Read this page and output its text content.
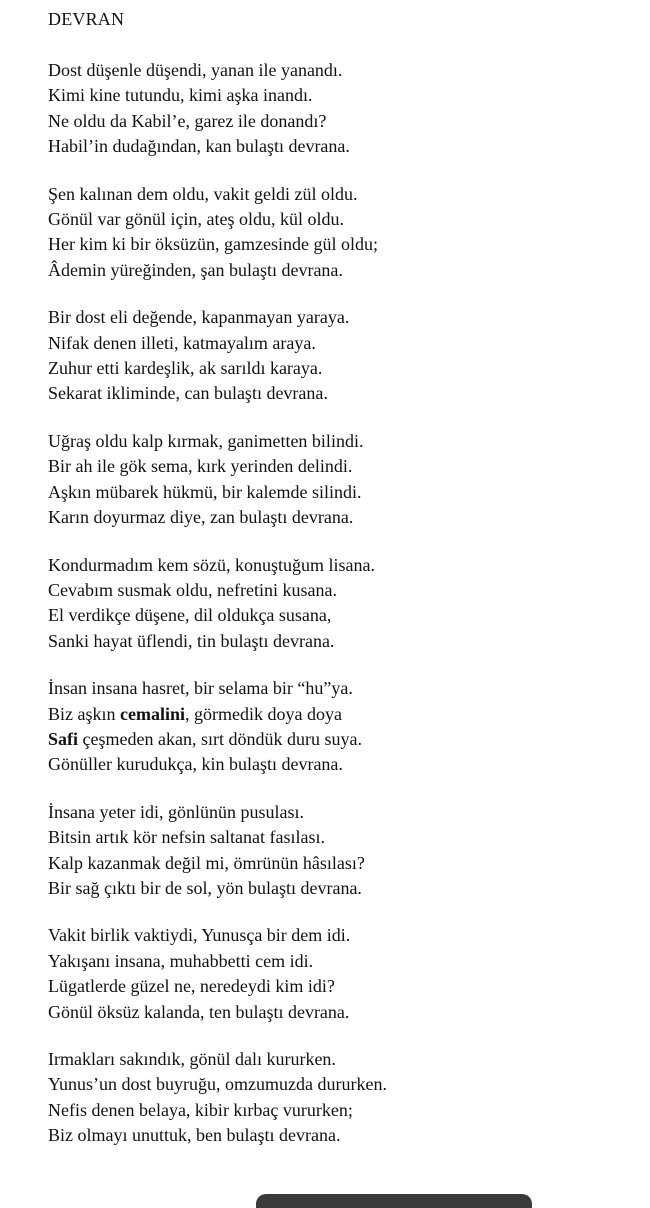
DEVRAN
Dost düşenle düşendi, yanan ile yanandı.
Kimi kine tutundu, kimi aşka inandı.
Ne oldu da Kabil’e, garez ile donandı?
Habil’in dudağından, kan bulaştı devrana.
Şen kalınan dem oldu, vakit geldi zül oldu.
Gönül var gönül için, ateş oldu, kül oldu.
Her kim ki bir öksüzün, gamzesinde gül oldu;
Âdemin yüreğinden, şan bulaştı devrana.
Bir dost eli değende, kapanmayan yaraya.
Nifak denen illeti, katmayalım araya.
Zuhur etti kardeşlik, ak sarıldı karaya.
Sekarat ikliminde, can bulaştı devrana.
Uğraş oldu kalp kırmak, ganimetten bilindi.
Bir ah ile gök sema, kırk yerinden delindi.
Aşkın mübarek hükmü, bir kalemde silindi.
Karın doyurmaz diye, zan bulaştı devrana.
Kondurmadım kem sözü, konuştuğum lisana.
Cevabım susmak oldu, nefretini kusana.
El verdikçe düşene, dil oldukça susana,
Sanki hayat üflendi, tin bulaştı devrana.
İnsan insana hasret, bir selama bir “hu”ya.
Biz aşkın cemalini, görmedik doya doya
Safi çeşmeden akan, sırt döndük duru suya.
Gönüller kurudukça, kin bulaştı devrana.
İnsana yeter idi, gönlünün pusulası.
Bitsin artık kör nefsin saltanat fasılası.
Kalp kazanmak değil mi, ömrünün hâsılası?
Bir sağ çıktı bir de sol, yön bulaştı devrana.
Vakit birlik vaktiydi, Yunusça bir dem idi.
Yakışanı insana, muhabbetti cem idi.
Lügatlerde güzel ne, neredeydi kim idi?
Gönül öksüz kalanda, ten bulaştı devrana.
Irmakları sakındık, gönül dalı kururken.
Yunus’un dost buyruğu, omzumuzda dururken.
Nefis denen belaya, kibir kırbaç vururken;
Biz olmayı unuttuk, ben bulaştı devrana.
